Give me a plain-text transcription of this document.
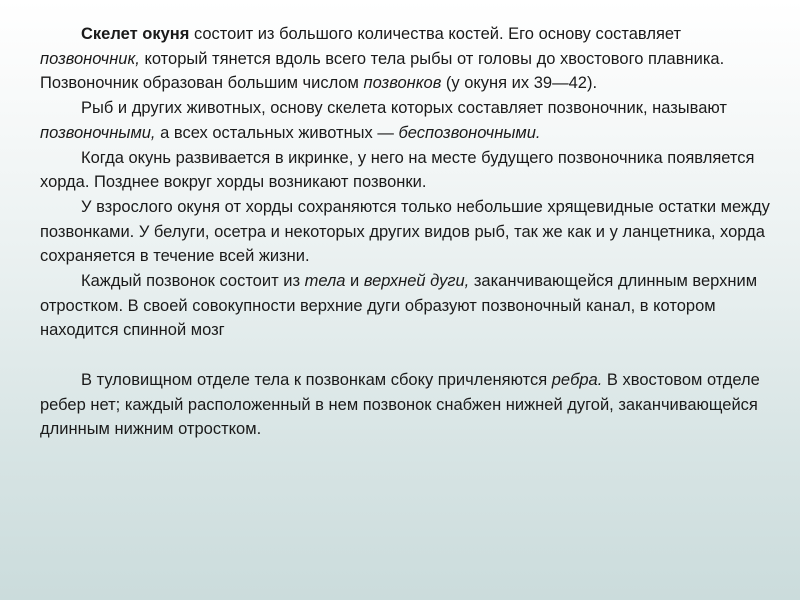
Скелет окуня состоит из большого количества костей. Его основу составляет позвоночник, который тянется вдоль всего тела рыбы от головы до хвостового плавника. Позвоночник образован большим числом позвонков (у окуня их 39—42).

Рыб и других животных, основу скелета которых составляет позвоночник, называют позвоночными, а всех остальных животных — беспозвоночными.

Когда окунь развивается в икринке, у него на месте будущего позвоночника появляется хорда. Позднее вокруг хорды возникают позвонки.

У взрослого окуня от хорды сохраняются только небольшие хрящевидные остатки между позвонками. У белуги, осетра и некоторых других видов рыб, так же как и у ланцетника, хорда сохраняется в течение всей жизни.

Каждый позвонок состоит из тела и верхней дуги, заканчивающейся длинным верхним отростком. В своей совокупности верхние дуги образуют позвоночный канал, в котором находится спинной мозг

В туловищном отделе тела к позвонкам сбоку причленяются ребра. В хвостовом отделе ребер нет; каждый расположенный в нем позвонок снабжен нижней дугой, заканчивающейся длинным нижним отростком.
